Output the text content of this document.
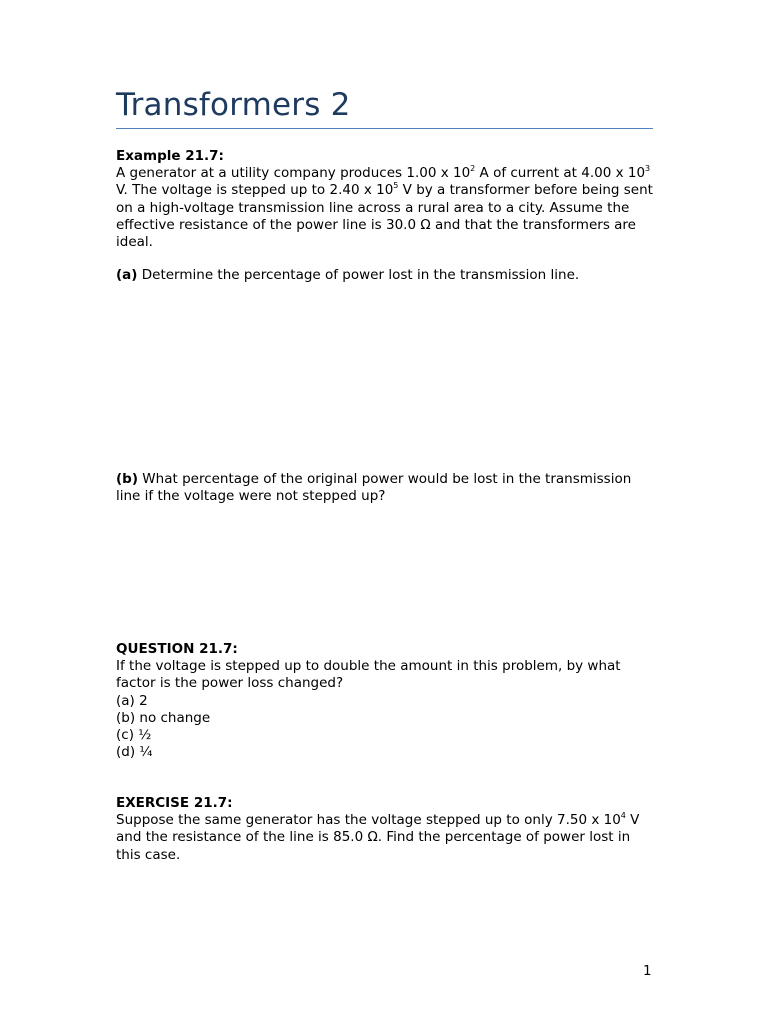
Transformers 2

Example 21.7:

A generator at a utility company produces 1.00 x $10^2$ A of current at 4.00 x $10^3$ V. The voltage is stepped up to 2.40 x $10^5$ V by a transformer before being sent on a high-voltage transmission line across a rural area to a city. Assume the effective resistance of the power line is 30.0 Ω and that the transformers are ideal.

(a) Determine the percentage of power lost in the transmission line.

(b) What percentage of the original power would be lost in the transmission line if the voltage were not stepped up?

QUESTION 21.7:

If the voltage is stepped up to double the amount in this problem, by what factor is the power loss changed?

(a) 2

(b) no change

(c) ½

(d) ¼

EXERCISE 21.7:

Suppose the same generator has the voltage stepped up to only 7.50 x $10^4$ V and the resistance of the line is 85.0 Ω. Find the percentage of power lost in this case.

1
